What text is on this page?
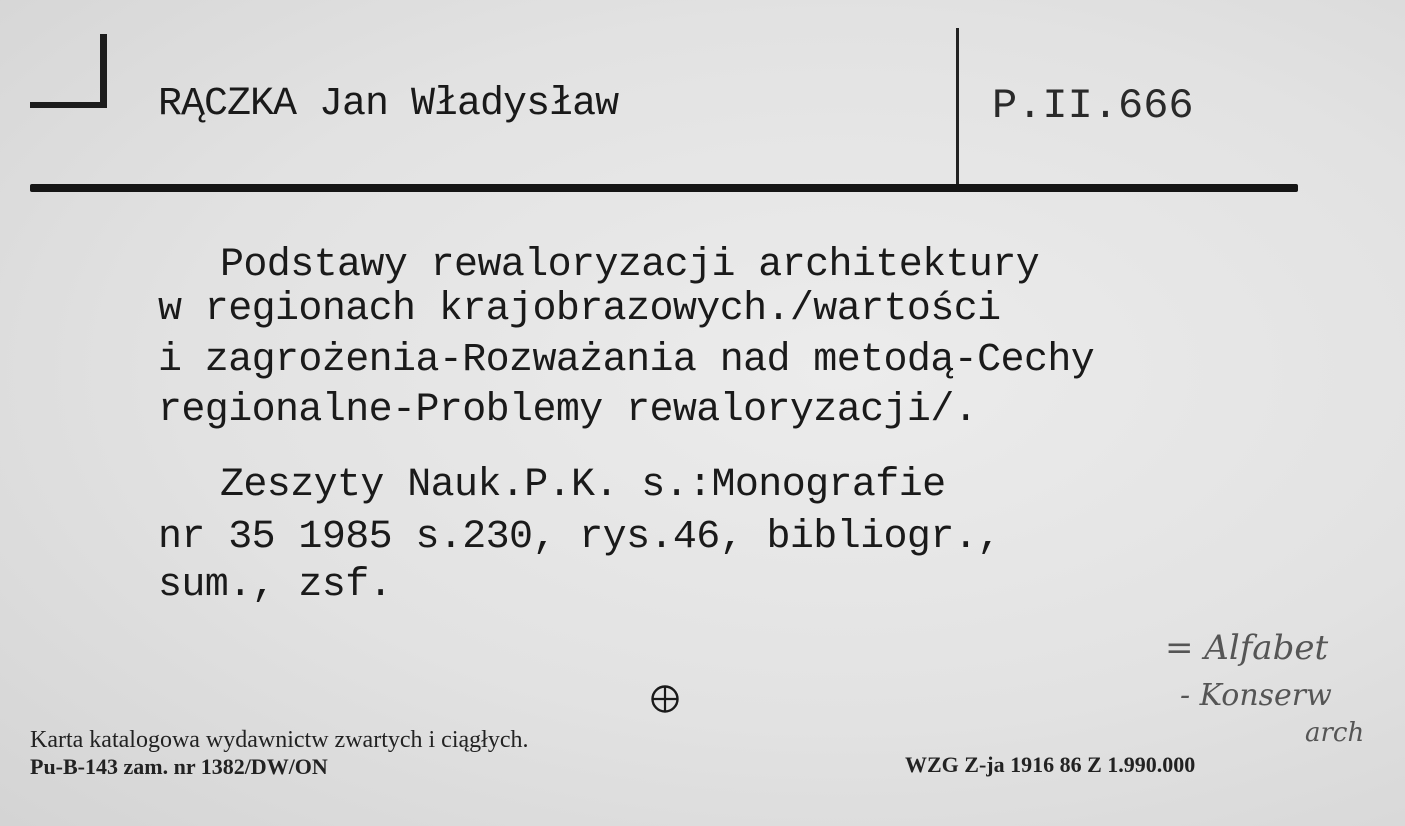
RĄCZKA Jan Władysław	P.II.666
Podstawy rewaloryzacji architektury
w regionach krajobrazowych./wartości
i zagrożenia-Rozważania nad metodą-Cechy
regionalne-Problemy rewaloryzacji/.
Zeszyty Nauk.P.K. s.:Monografie
nr 35 1985 s.230, rys.46, bibliogr.,
sum., zsf.
= Alfabet
- Konserw
arch
Karta katalogowa wydawnictw zwartych i ciągłych.
Pu-B-143 zam. nr 1382/DW/ON	WZG Z-ja 1916 86 Z 1.990.000
